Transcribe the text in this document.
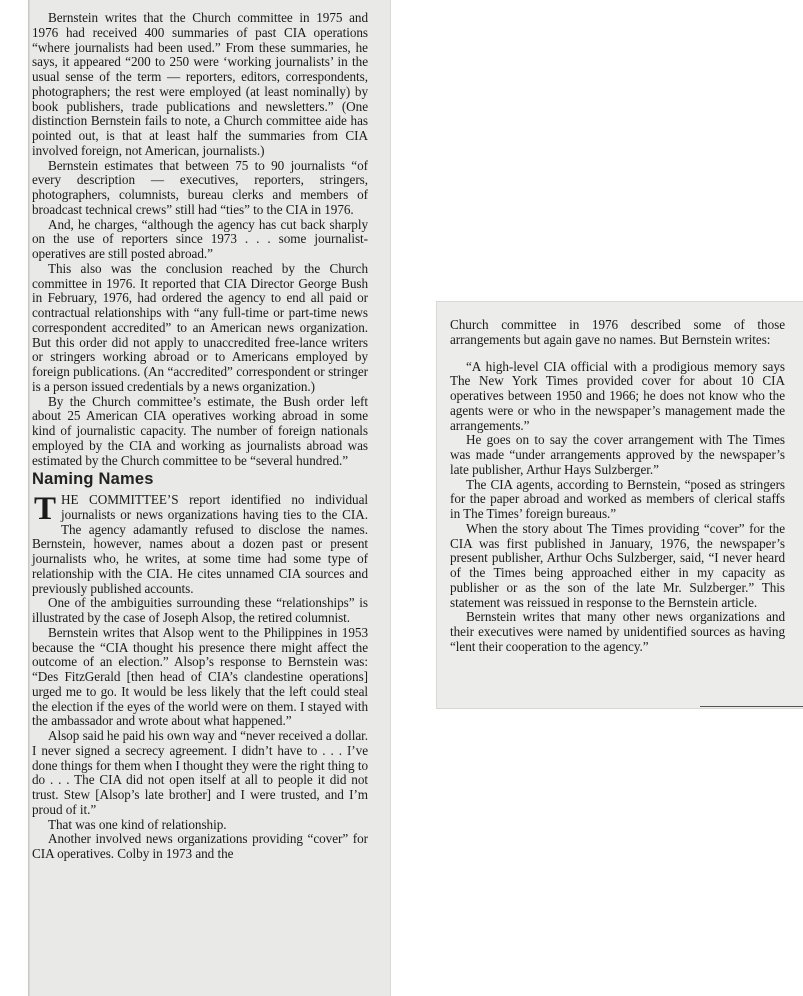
Bernstein writes that the Church committee in 1975 and 1976 had received 400 summaries of past CIA operations “where journalists had been used.” From these summaries, he says, it appeared “200 to 250 were ‘working journalists’ in the usual sense of the term — reporters, editors, correspondents, photographers; the rest were employed (at least nominally) by book publishers, trade publications and newsletters.” (One distinction Bernstein fails to note, a Church committee aide has pointed out, is that at least half the summaries from CIA involved foreign, not American, journalists.)

Bernstein estimates that between 75 to 90 journalists “of every description — executives, reporters, stringers, photographers, columnists, bureau clerks and members of broadcast technical crews” still had “ties” to the CIA in 1976.

And, he charges, “although the agency has cut back sharply on the use of reporters since 1973 . . . some journalist-operatives are still posted abroad.”

This also was the conclusion reached by the Church committee in 1976. It reported that CIA Director George Bush in February, 1976, had ordered the agency to end all paid or contractual relationships with “any full-time or part-time news correspondent accredited” to an American news organization. But this order did not apply to unaccredited free-lance writers or stringers working abroad or to Americans employed by foreign publications. (An “accredited” correspondent or stringer is a person issued credentials by a news organization.)

By the Church committee’s estimate, the Bush order left about 25 American CIA operatives working abroad in some kind of journalistic capacity. The number of foreign nationals employed by the CIA and working as journalists abroad was estimated by the Church committee to be “several hundred.”

Naming Names

THE COMMITTEE’S report identified no individual journalists or news organizations having ties to the CIA. The agency adamantly refused to disclose the names. Bernstein, however, names about a dozen past or present journalists who, he writes, at some time had some type of relationship with the CIA. He cites unnamed CIA sources and previously published accounts.

One of the ambiguities surrounding these “relationships” is illustrated by the case of Joseph Alsop, the retired columnist.

Bernstein writes that Alsop went to the Philippines in 1953 because the “CIA thought his presence there might affect the outcome of an election.” Alsop’s response to Bernstein was: “Des FitzGerald [then head of CIA’s clandestine operations] urged me to go. It would be less likely that the left could steal the election if the eyes of the world were on them. I stayed with the ambassador and wrote about what happened.”

Alsop said he paid his own way and “never received a dollar. I never signed a secrecy agreement. I didn’t have to . . . I’ve done things for them when I thought they were the right thing to do . . . The CIA did not open itself at all to people it did not trust. Stew [Alsop’s late brother] and I were trusted, and I’m proud of it.”

That was one kind of relationship.

Another involved news organizations providing “cover” for CIA operatives. Colby in 1973 and the

Church committee in 1976 described some of those arrangements but again gave no names. But Bernstein writes:

“A high-level CIA official with a prodigious memory says The New York Times provided cover for about 10 CIA operatives between 1950 and 1966; he does not know who the agents were or who in the newspaper’s management made the arrangements.”

He goes on to say the cover arrangement with The Times was made “under arrangements approved by the newspaper’s late publisher, Arthur Hays Sulzberger.”

The CIA agents, according to Bernstein, “posed as stringers for the paper abroad and worked as members of clerical staffs in The Times’ foreign bureaus.”

When the story about The Times providing “cover” for the CIA was first published in January, 1976, the newspaper’s present publisher, Arthur Ochs Sulzberger, said, “I never heard of the Times being approached either in my capacity as publisher or as the son of the late Mr. Sulzberger.” This statement was reissued in response to the Bernstein article.

Bernstein writes that many other news organizations and their executives were named by unidentified sources as having “lent their cooperation to the agency.”
